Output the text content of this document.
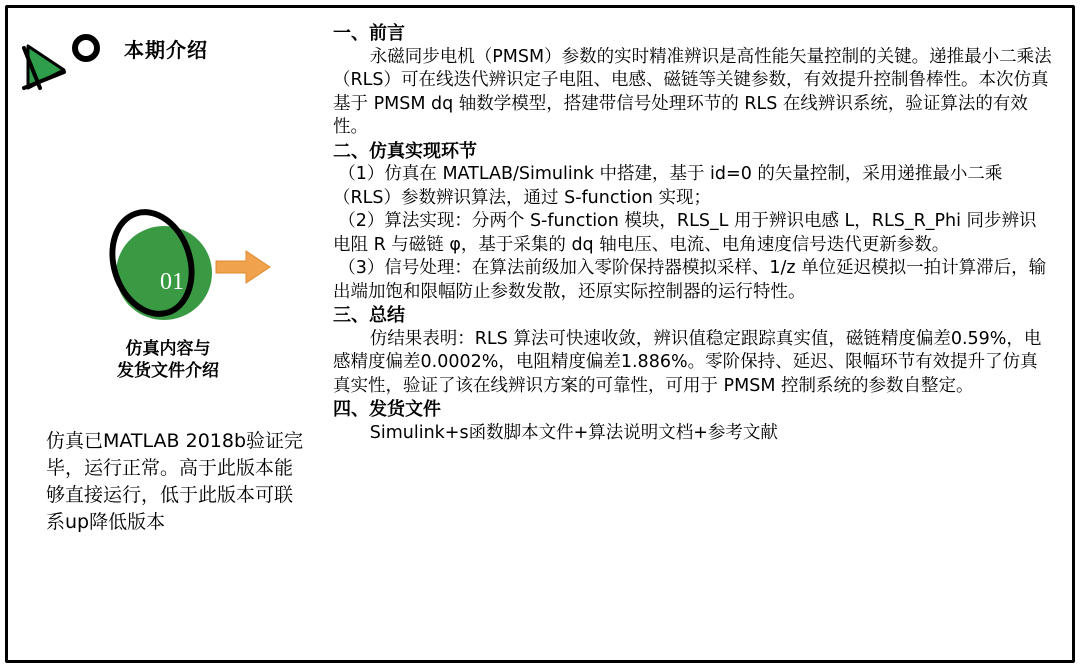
本期介绍
01
仿真内容与
发货文件介绍
仿真已MATLAB 2018b验证完毕，运行正常。高于此版本能够直接运行，低于此版本可联系up降低版本
一、前言

永磁同步电机（PMSM）参数的实时精准辨识是高性能矢量控制的关键。递推最小二乘法（RLS）可在线迭代辨识定子电阻、电感、磁链等关键参数，有效提升控制鲁棒性。本次仿真基于 PMSM dq 轴数学模型，搭建带信号处理环节的 RLS 在线辨识系统，验证算法的有效性。

二、仿真实现环节

（1）仿真在 MATLAB/Simulink 中搭建，基于 id=0 的矢量控制，采用递推最小二乘（RLS）参数辨识算法，通过 S-function 实现；

（2）算法实现：分两个 S-function 模块，RLS_L 用于辨识电感 L，RLS_R_Phi 同步辨识电阻 R 与磁链 φ，基于采集的 dq 轴电压、电流、电角速度信号迭代更新参数。

（3）信号处理：在算法前级加入零阶保持器模拟采样、1/z 单位延迟模拟一拍计算滞后，输出端加饱和限幅防止参数发散，还原实际控制器的运行特性。

三、总结

仿结果表明：RLS 算法可快速收敛，辨识值稳定跟踪真实值，磁链精度偏差0.59%，电感精度偏差0.0002%，电阻精度偏差1.886%。零阶保持、延迟、限幅环节有效提升了仿真真实性，验证了该在线辨识方案的可靠性，可用于 PMSM 控制系统的参数自整定。

四、发货文件

Simulink+s函数脚本文件+算法说明文档+参考文献
